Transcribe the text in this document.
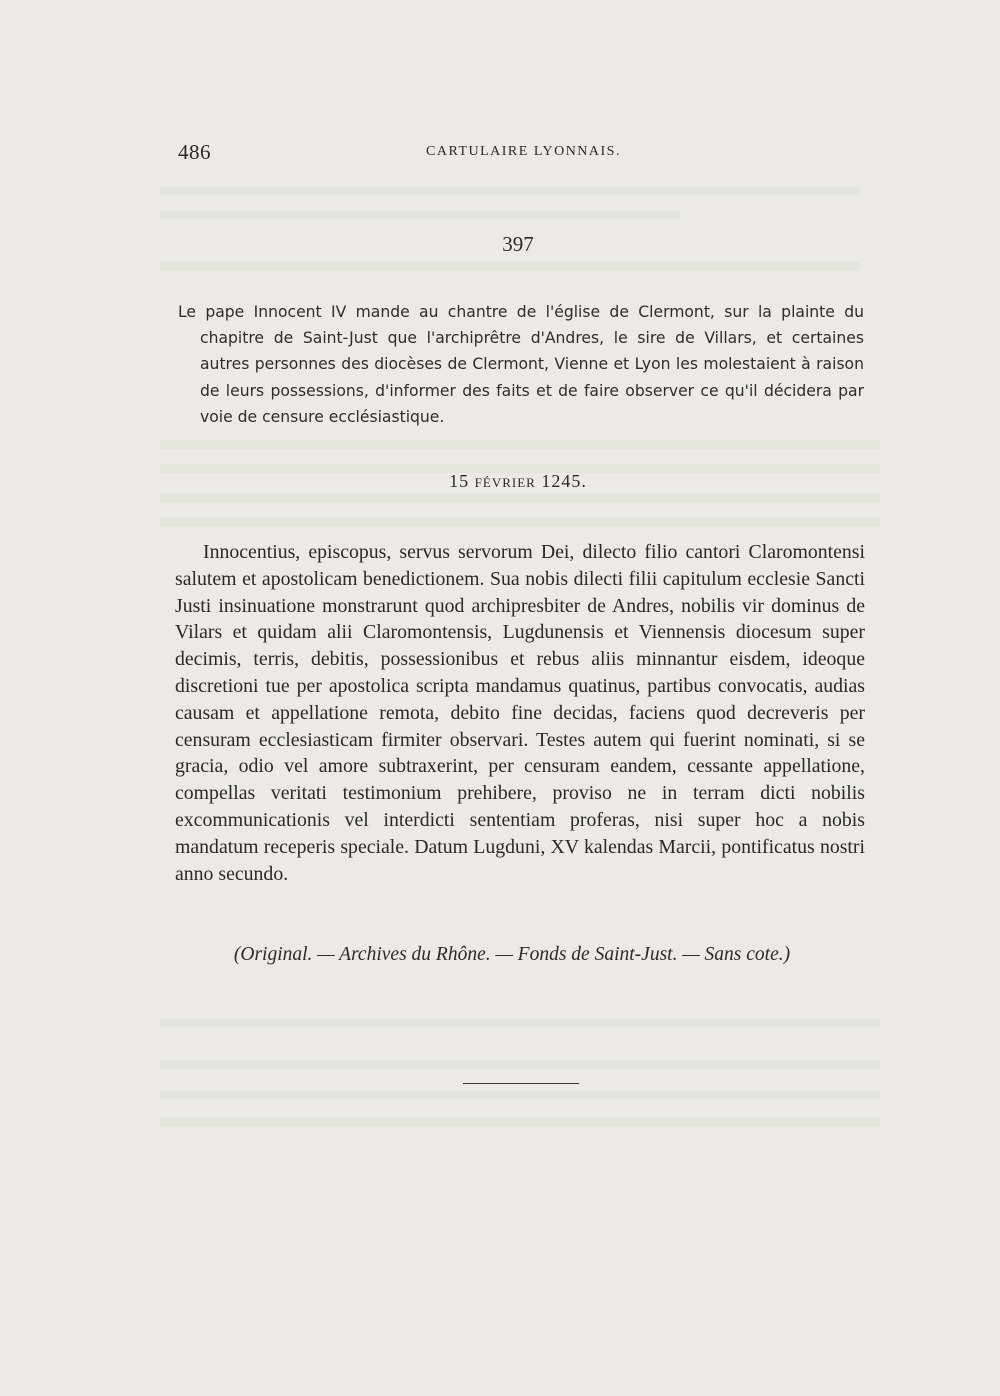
486	CARTULAIRE LYONNAIS.
397
Le pape Innocent IV mande au chantre de l'église de Clermont, sur la plainte du chapitre de Saint-Just que l'archiprêtre d'Andres, le sire de Villars, et certaines autres personnes des diocèses de Clermont, Vienne et Lyon les molestaient à raison de leurs possessions, d'informer des faits et de faire observer ce qu'il décidera par voie de censure ecclésiastique.
15 FÉVRIER 1245.
Innocentius, episcopus, servus servorum Dei, dilecto filio cantori Claromontensi salutem et apostolicam benedictionem. Sua nobis dilecti filii capitulum ecclesie Sancti Justi insinuatione monstrarunt quod archipresbiter de Andres, nobilis vir dominus de Vilars et quidam alii Claromontensis, Lugdunensis et Viennensis diocesum super decimis, terris, debitis, possessionibus et rebus aliis minnantur eisdem, ideoque discretioni tue per apostolica scripta mandamus quatinus, partibus convocatis, audias causam et appellatione remota, debito fine decidas, faciens quod decreveris per censuram ecclesiasticam firmiter observari. Testes autem qui fuerint nominati, si se gracia, odio vel amore subtraxerint, per censuram eandem, cessante appellatione, compellas veritati testimonium prehibere, proviso ne in terram dicti nobilis excommunicationis vel interdicti sententiam proferas, nisi super hoc a nobis mandatum receperis speciale. Datum Lugduni, XV kalendas Marcii, pontificatus nostri anno secundo.
(Original. — Archives du Rhône. — Fonds de Saint-Just. — Sans cote.)
